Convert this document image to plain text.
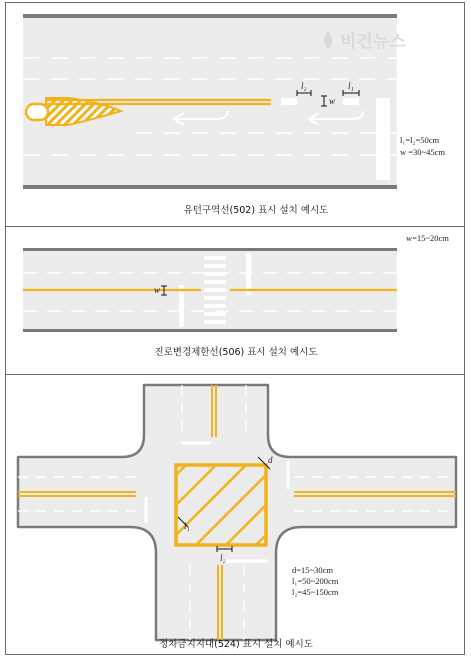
l₂	l₁
w
l₁=l₂=50cm
w =30~45cm
유턴구역선(502) 표시 설치 예시도
비건뉴스
w
w=15~20cm
진로변경제한선(506) 표시 설치 예시도
d
l₁
l₂
d=15~30cm
l₁=50~200cm
l₂=45~150cm
정차금지지대(524) 표시 설치 예시도
